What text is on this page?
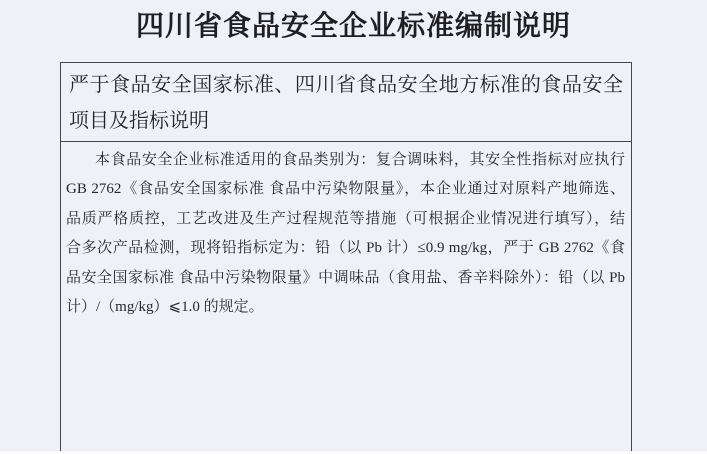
四川省食品安全企业标准编制说明
严于食品安全国家标准、四川省食品安全地方标准的食品安全
项目及指标说明
本食品安全企业标准适用的食品类别为：复合调味料，其安全性指标对应执行
GB 2762《食品安全国家标准 食品中污染物限量》，本企业通过对原料产地筛选、
品质严格质控，工艺改进及生产过程规范等措施（可根据企业情况进行填写），结
合多次产品检测，现将铅指标定为：铅（以 Pb 计）≤0.9 mg/kg，严于 GB 2762《食
品安全国家标准 食品中污染物限量》中调味品（食用盐、香辛料除外）：铅（以 Pb
计）/（mg/kg）⩽1.0 的规定。
